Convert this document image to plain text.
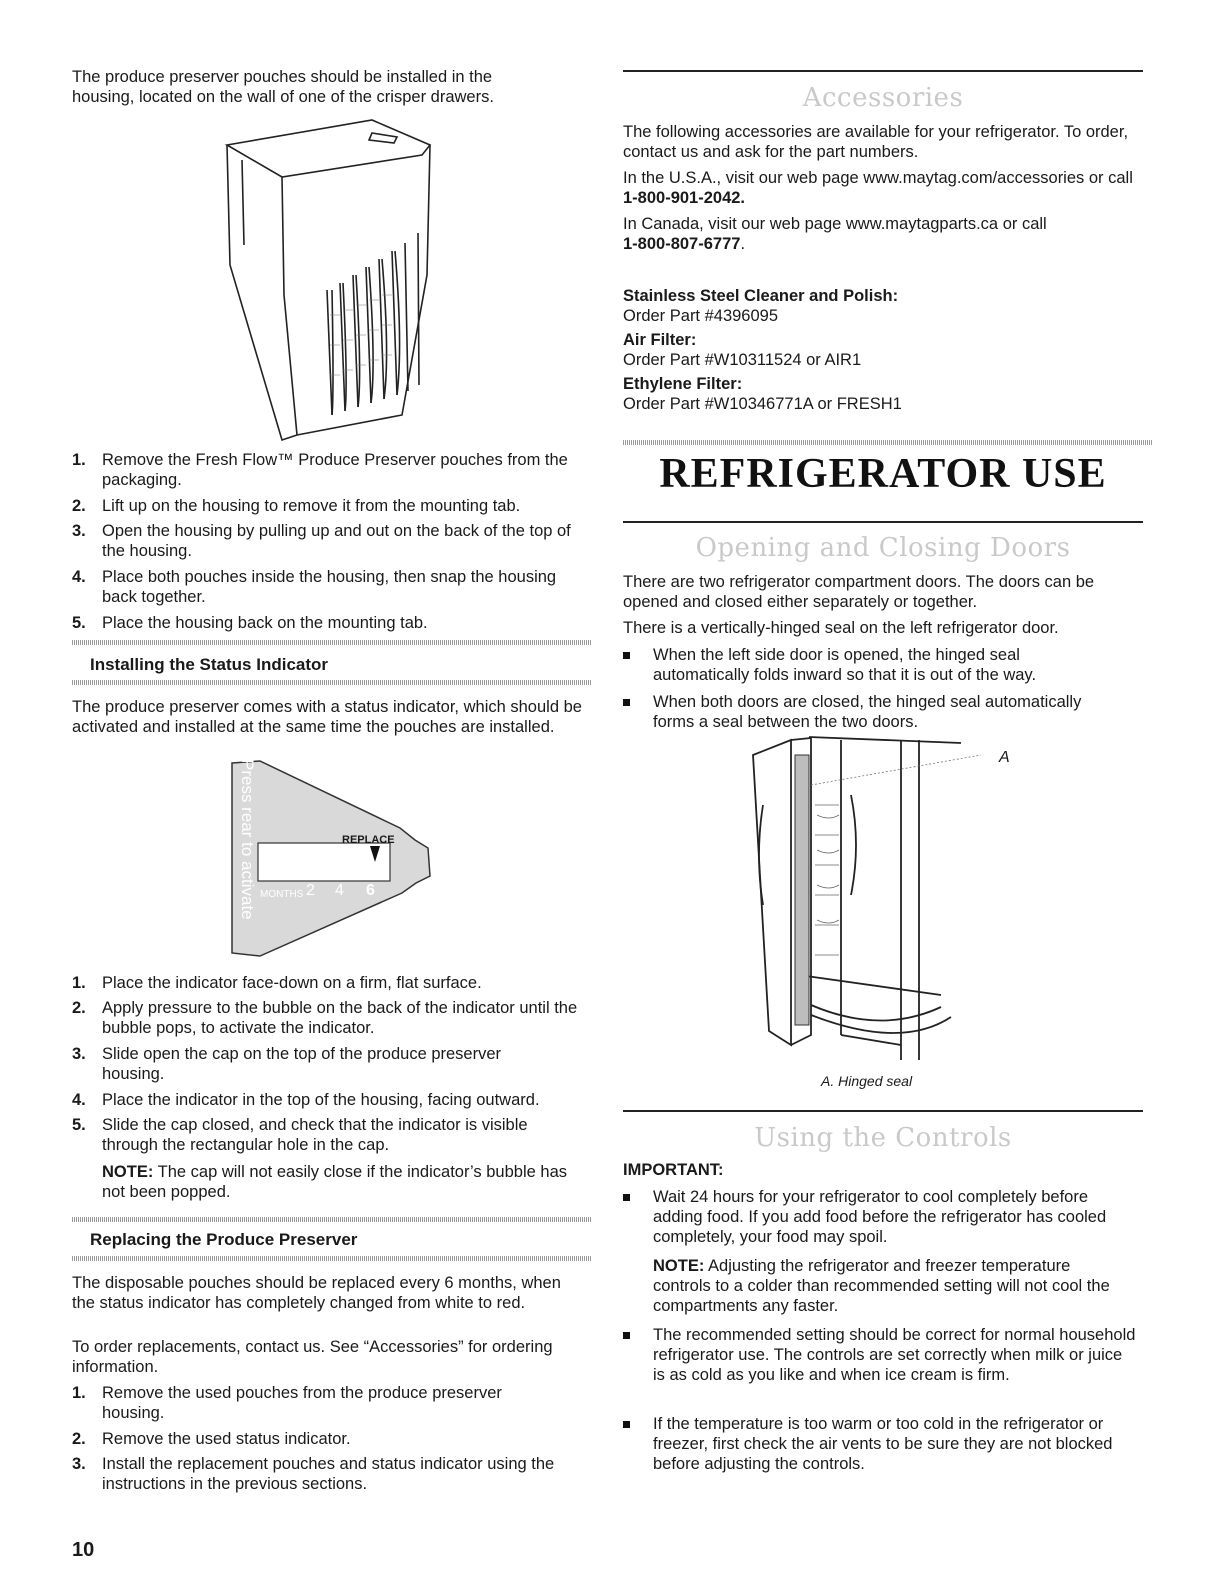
The produce preserver pouches should be installed in the housing, located on the wall of one of the crisper drawers.

1. Remove the Fresh Flow™ Produce Preserver pouches from the packaging.
2. Lift up on the housing to remove it from the mounting tab.
3. Open the housing by pulling up and out on the back of the top of the housing.
4. Place both pouches inside the housing, then snap the housing back together.
5. Place the housing back on the mounting tab.
Installing the Status Indicator

The produce preserver comes with a status indicator, which should be activated and installed at the same time the pouches are installed.

Press rear to activate	REPLACE
MONTHS 2 4 6
1. Place the indicator face-down on a firm, flat surface.
2. Apply pressure to the bubble on the back of the indicator until the bubble pops, to activate the indicator.
3. Slide open the cap on the top of the produce preserver housing.
4. Place the indicator in the top of the housing, facing outward.
5. Slide the cap closed, and check that the indicator is visible through the rectangular hole in the cap.

NOTE: The cap will not easily close if the indicator’s bubble has not been popped.

Replacing the Produce Preserver

The disposable pouches should be replaced every 6 months, when the status indicator has completely changed from white to red.

To order replacements, contact us. See “Accessories” for ordering information.

1. Remove the used pouches from the produce preserver housing.
2. Remove the used status indicator.
3. Install the replacement pouches and status indicator using the instructions in the previous sections.
10
Accessories

The following accessories are available for your refrigerator. To order, contact us and ask for the part numbers.

In the U.S.A., visit our web page www.maytag.com/accessories or call 1-800-901-2042.

In Canada, visit our web page www.maytagparts.ca or call 1-800-807-6777.

Stainless Steel Cleaner and Polish:
Order Part #4396095
Air Filter:
Order Part #W10311524 or AIR1
Ethylene Filter:
Order Part #W10346771A or FRESH1
REFRIGERATOR USE
Opening and Closing Doors

There are two refrigerator compartment doors. The doors can be opened and closed either separately or together.

There is a vertically-hinged seal on the left refrigerator door.

When the left side door is opened, the hinged seal automatically folds inward so that it is out of the way.
When both doors are closed, the hinged seal automatically forms a seal between the two doors.
A
A. Hinged seal
Using the Controls
IMPORTANT:
Wait 24 hours for your refrigerator to cool completely before adding food. If you add food before the refrigerator has cooled completely, your food may spoil.

NOTE: Adjusting the refrigerator and freezer temperature controls to a colder than recommended setting will not cool the compartments any faster.

The recommended setting should be correct for normal household refrigerator use. The controls are set correctly when milk or juice is as cold as you like and when ice cream is firm.
If the temperature is too warm or too cold in the refrigerator or freezer, first check the air vents to be sure they are not blocked before adjusting the controls.
